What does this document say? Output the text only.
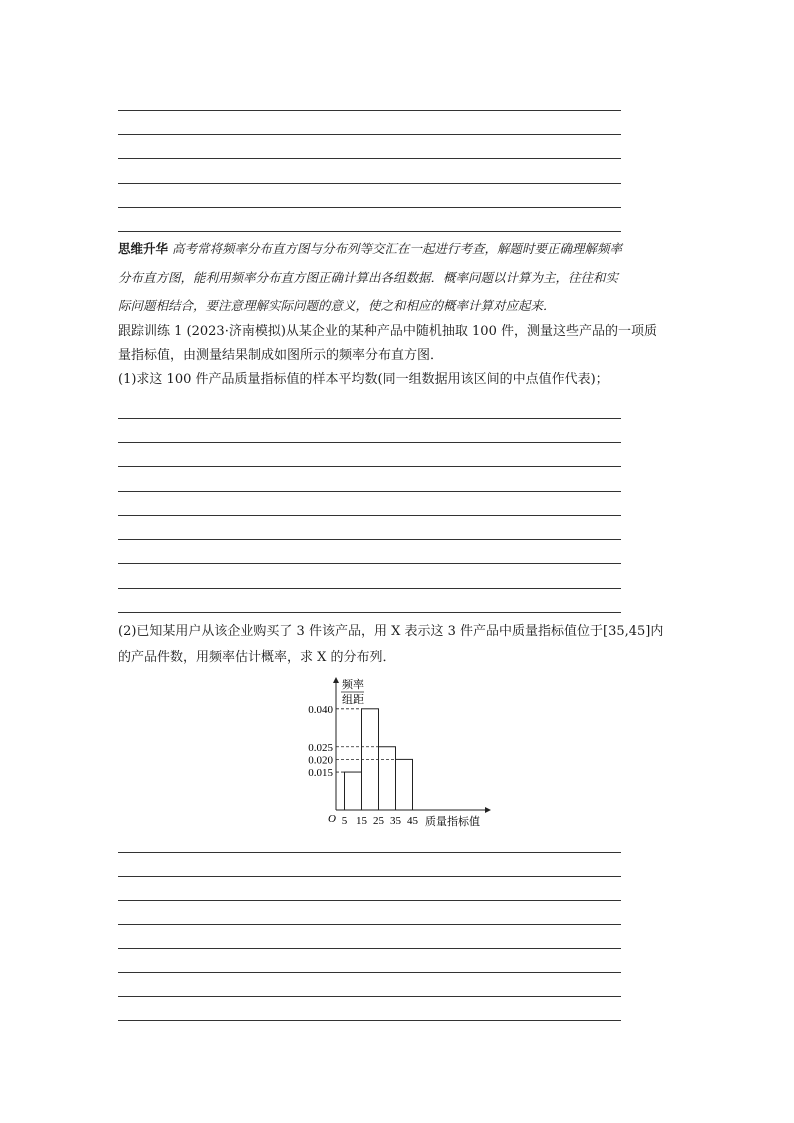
思维升华 高考常将频率分布直方图与分布列等交汇在一起进行考查，解题时要正确理解频率
分布直方图，能利用频率分布直方图正确计算出各组数据．概率问题以计算为主，往往和实
际问题相结合，要注意理解实际问题的意义，使之和相应的概率计算对应起来．
跟踪训练 1 (2023·济南模拟)从某企业的某种产品中随机抽取 100 件，测量这些产品的一项质
量指标值，由测量结果制成如图所示的频率分布直方图．
(1)求这 100 件产品质量指标值的样本平均数(同一组数据用该区间的中点值作代表)；
(2)已知某用户从该企业购买了 3 件该产品，用 X 表示这 3 件产品中质量指标值位于[35,45]内
的产品件数，用频率估计概率，求 X 的分布列．
频率
组距
O	质量指标值
0.040
0.025
0.020
0.015
5 15 25 35 45
